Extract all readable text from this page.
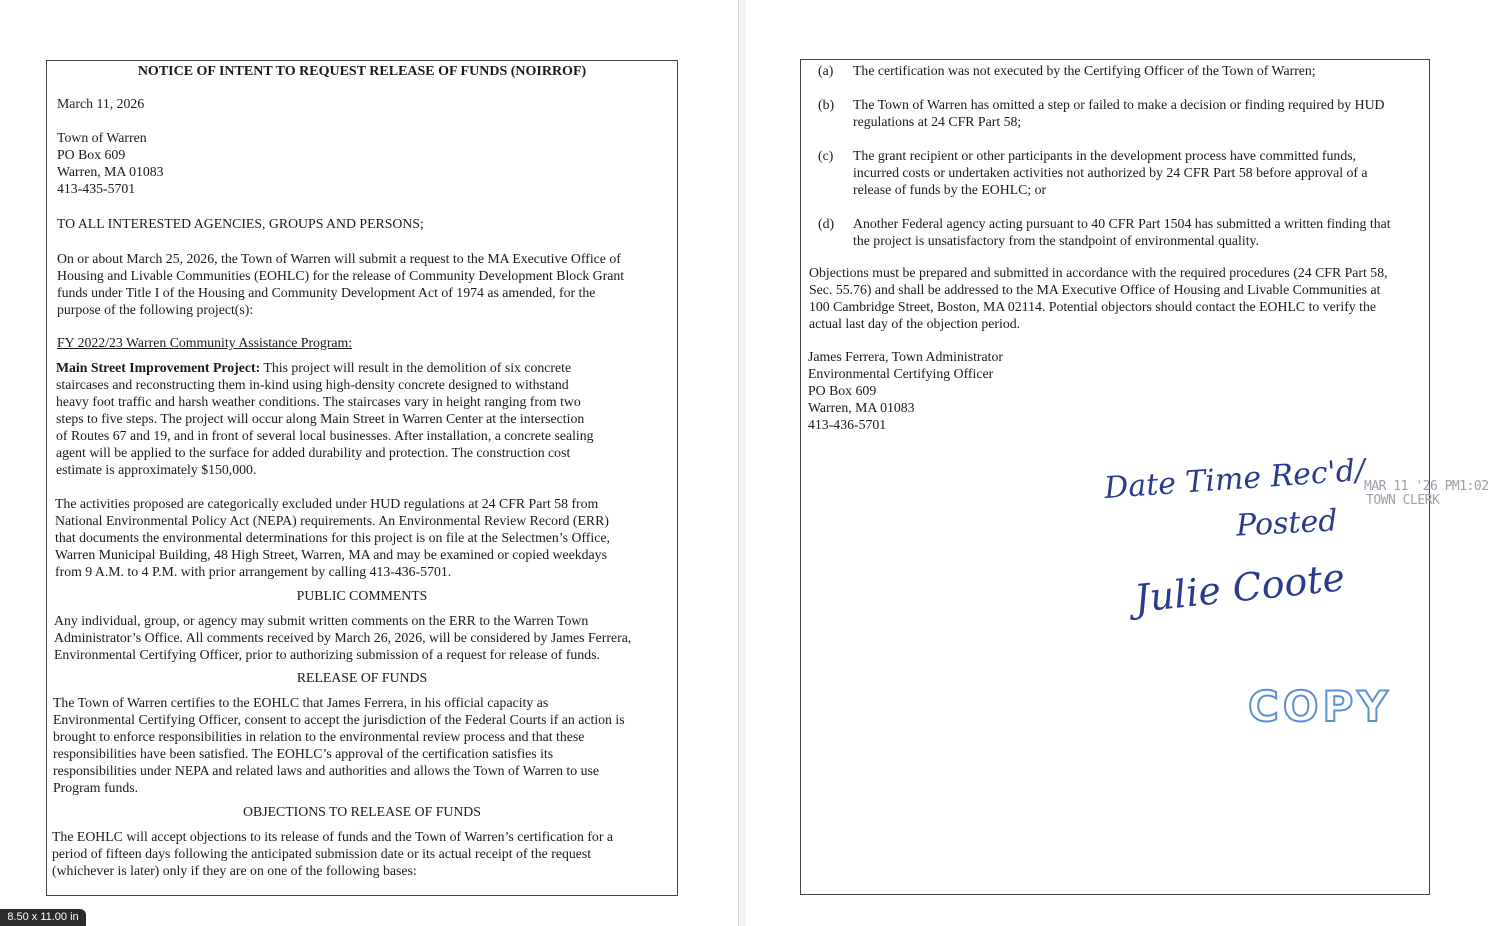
NOTICE OF INTENT TO REQUEST RELEASE OF FUNDS (NOIRROF)

March 11, 2026

Town of Warren

PO Box 609

Warren, MA 01083

413-435-5701

TO ALL INTERESTED AGENCIES, GROUPS AND PERSONS;

On or about March 25, 2026, the Town of Warren will submit a request to the MA Executive Office of

Housing and Livable Communities (EOHLC) for the release of Community Development Block Grant

funds under Title I of the Housing and Community Development Act of 1974 as amended, for the

purpose of the following project(s):

FY 2022/23 Warren Community Assistance Program:

Main Street Improvement Project: This project will result in the demolition of six concrete

staircases and reconstructing them in-kind using high-density concrete designed to withstand

heavy foot traffic and harsh weather conditions. The staircases vary in height ranging from two

steps to five steps. The project will occur along Main Street in Warren Center at the intersection

of Routes 67 and 19, and in front of several local businesses. After installation, a concrete sealing

agent will be applied to the surface for added durability and protection. The construction cost

estimate is approximately $150,000.

The activities proposed are categorically excluded under HUD regulations at 24 CFR Part 58 from

National Environmental Policy Act (NEPA) requirements. An Environmental Review Record (ERR)

that documents the environmental determinations for this project is on file at the Selectmen’s Office,

Warren Municipal Building, 48 High Street, Warren, MA and may be examined or copied weekdays

from 9 A.M. to 4 P.M. with prior arrangement by calling 413-436-5701.

PUBLIC COMMENTS

Any individual, group, or agency may submit written comments on the ERR to the Warren Town

Administrator’s Office. All comments received by March 26, 2026, will be considered by James Ferrera,

Environmental Certifying Officer, prior to authorizing submission of a request for release of funds.

RELEASE OF FUNDS

The Town of Warren certifies to the EOHLC that James Ferrera, in his official capacity as

Environmental Certifying Officer, consent to accept the jurisdiction of the Federal Courts if an action is

brought to enforce responsibilities in relation to the environmental review process and that these

responsibilities have been satisfied. The EOHLC’s approval of the certification satisfies its

responsibilities under NEPA and related laws and authorities and allows the Town of Warren to use

Program funds.

OBJECTIONS TO RELEASE OF FUNDS

The EOHLC will accept objections to its release of funds and the Town of Warren’s certification for a

period of fifteen days following the anticipated submission date or its actual receipt of the request

(whichever is later) only if they are on one of the following bases:

(a) The certification was not executed by the Certifying Officer of the Town of Warren;

(b) The Town of Warren has omitted a step or failed to make a decision or finding required by HUD

regulations at 24 CFR Part 58;

(c) The grant recipient or other participants in the development process have committed funds,

incurred costs or undertaken activities not authorized by 24 CFR Part 58 before approval of a

release of funds by the EOHLC; or

(d) Another Federal agency acting pursuant to 40 CFR Part 1504 has submitted a written finding that

the project is unsatisfactory from the standpoint of environmental quality.

Objections must be prepared and submitted in accordance with the required procedures (24 CFR Part 58,

Sec. 55.76) and shall be addressed to the MA Executive Office of Housing and Livable Communities at

100 Cambridge Street, Boston, MA 02114. Potential objectors should contact the EOHLC to verify the

actual last day of the objection period.

James Ferrera, Town Administrator

Environmental Certifying Officer

PO Box 609

Warren, MA 01083

413-436-5701

Date Time Rec'd/
Posted
Julie Coote
MAR 11 '26 PM1:02
TOWN CLERK
COPY
8.50 x 11.00 in
